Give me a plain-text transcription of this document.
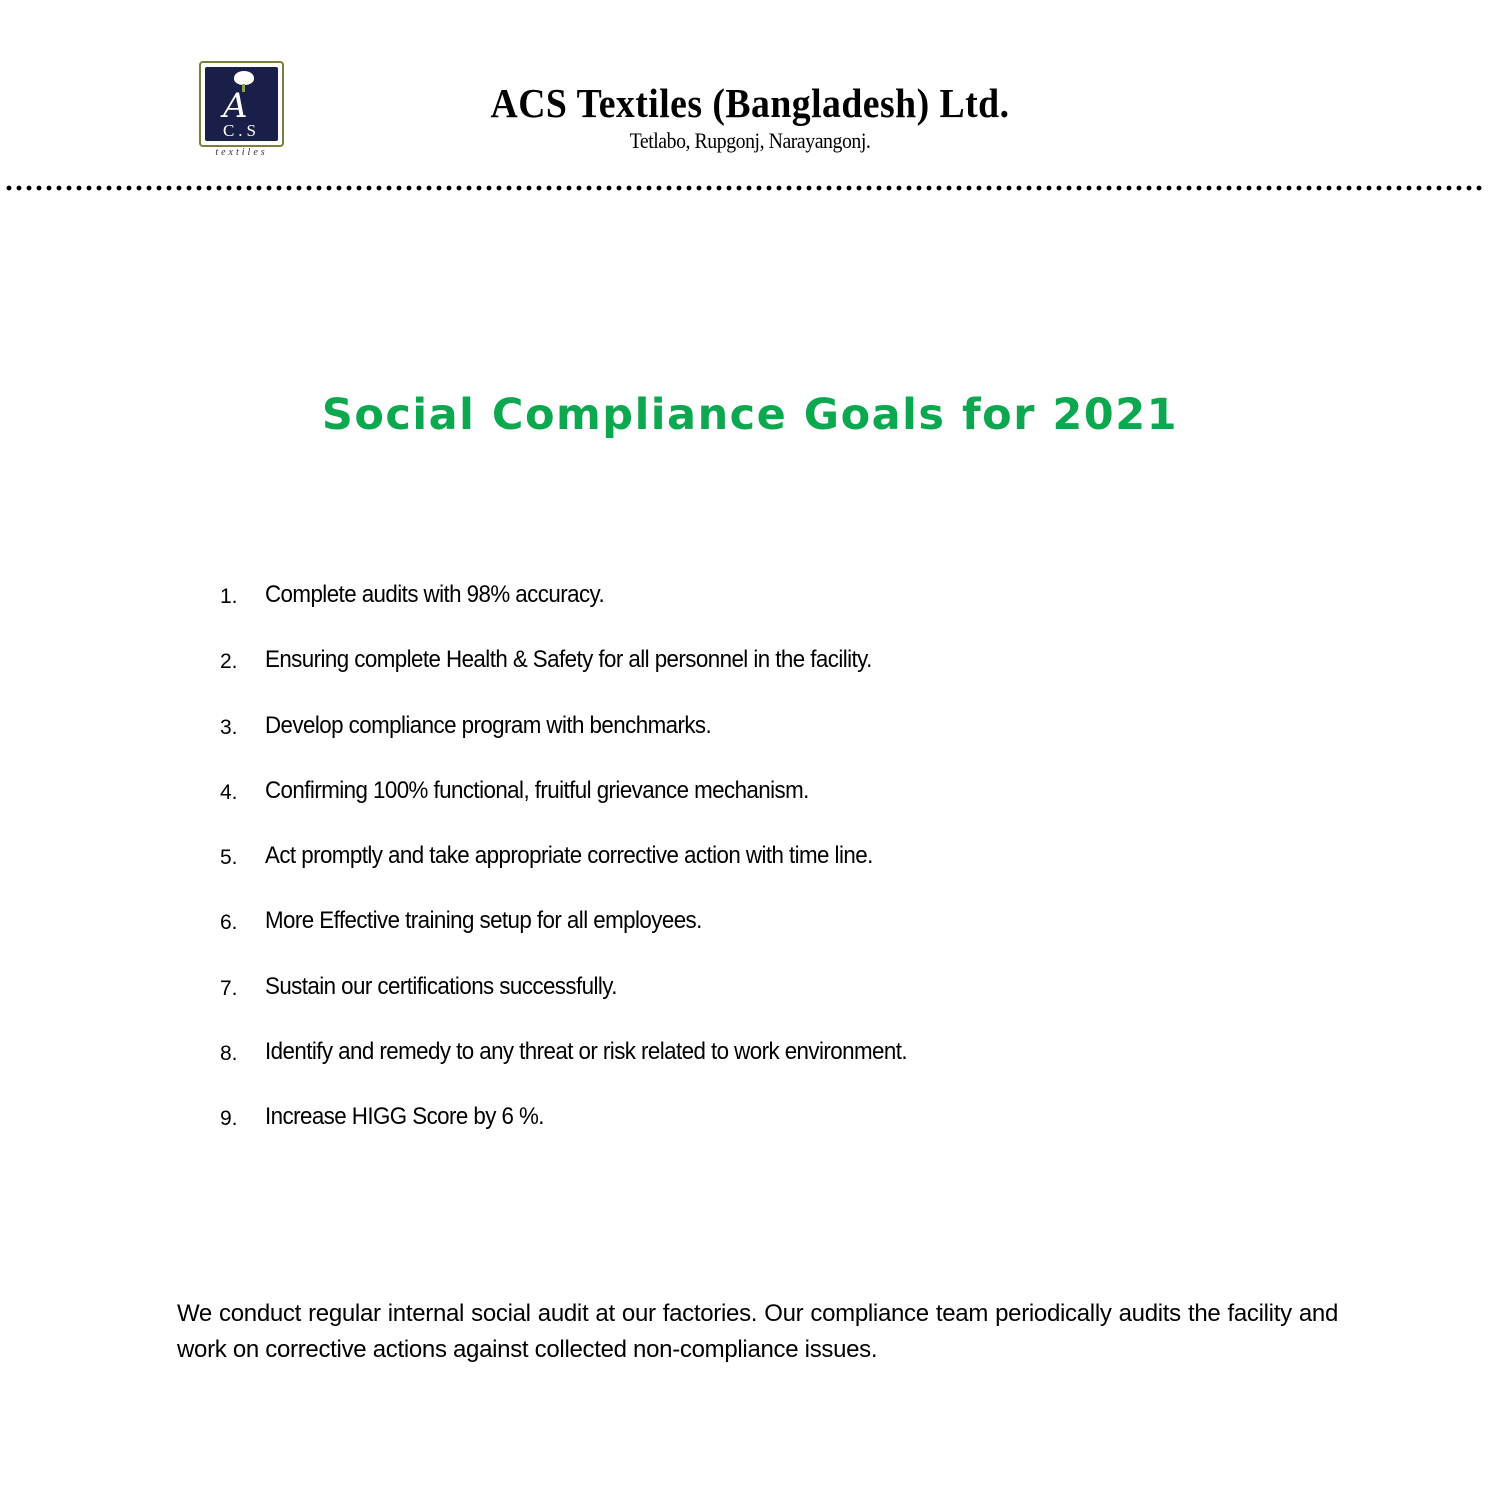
A
C.S
textiles
ACS Textiles (Bangladesh) Ltd.
Tetlabo, Rupgonj, Narayangonj.
Social Compliance Goals for 2021
1.	Complete audits with 98% accuracy.
2.	Ensuring complete Health & Safety for all personnel in the facility.
3.	Develop compliance program with benchmarks.
4.	Confirming 100% functional, fruitful grievance mechanism.
5.	Act promptly and take appropriate corrective action with time line.
6.	More Effective training setup for all employees.
7.	Sustain our certifications successfully.
8.	Identify and remedy to any threat or risk related to work environment.
9.	Increase HIGG Score by 6 %.

We conduct regular internal social audit at our factories. Our compliance team periodically audits the facility and work on corrective actions against collected non-compliance issues.
